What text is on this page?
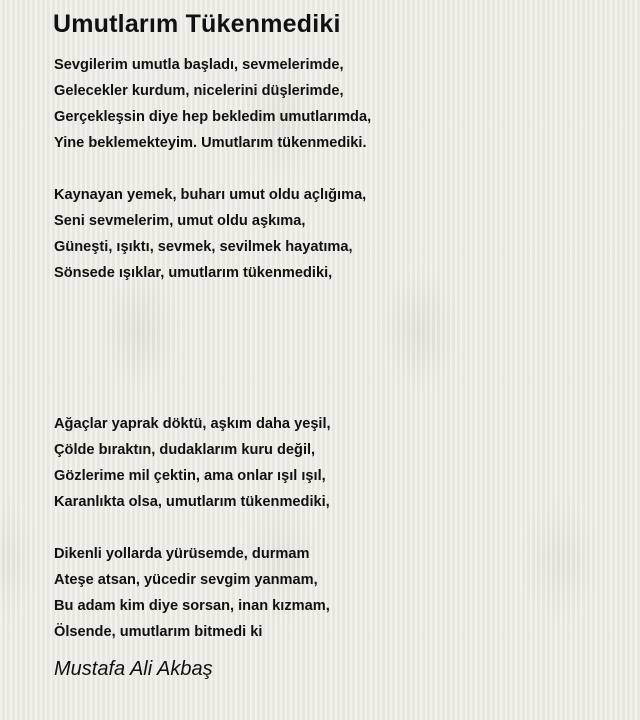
Umutlarım Tükenmediki
Sevgilerim umutla başladı, sevmelerimde,
Gelecekler kurdum, nicelerini düşlerimde,
Gerçekleşsin diye hep bekledim umutlarımda,
Yine beklemekteyim. Umutlarım tükenmediki.
Kaynayan yemek, buharı umut oldu açlığıma,
Seni sevmelerim, umut oldu aşkıma,
Güneşti, ışıktı, sevmek, sevilmek hayatıma,
Sönsede ışıklar, umutlarım tükenmediki,
Ağaçlar yaprak döktü, aşkım daha yeşil,
Çölde bıraktın, dudaklarım kuru değil,
Gözlerime mil çektin, ama onlar ışıl ışıl,
Karanlıkta olsa, umutlarım tükenmediki,
Dikenli yollarda yürüsemde, durmam
Ateşe atsan, yücedir sevgim yanmam,
Bu adam kim diye sorsan, inan kızmam,
Ölsende, umutlarım bitmedi ki
Mustafa Ali Akbaş
